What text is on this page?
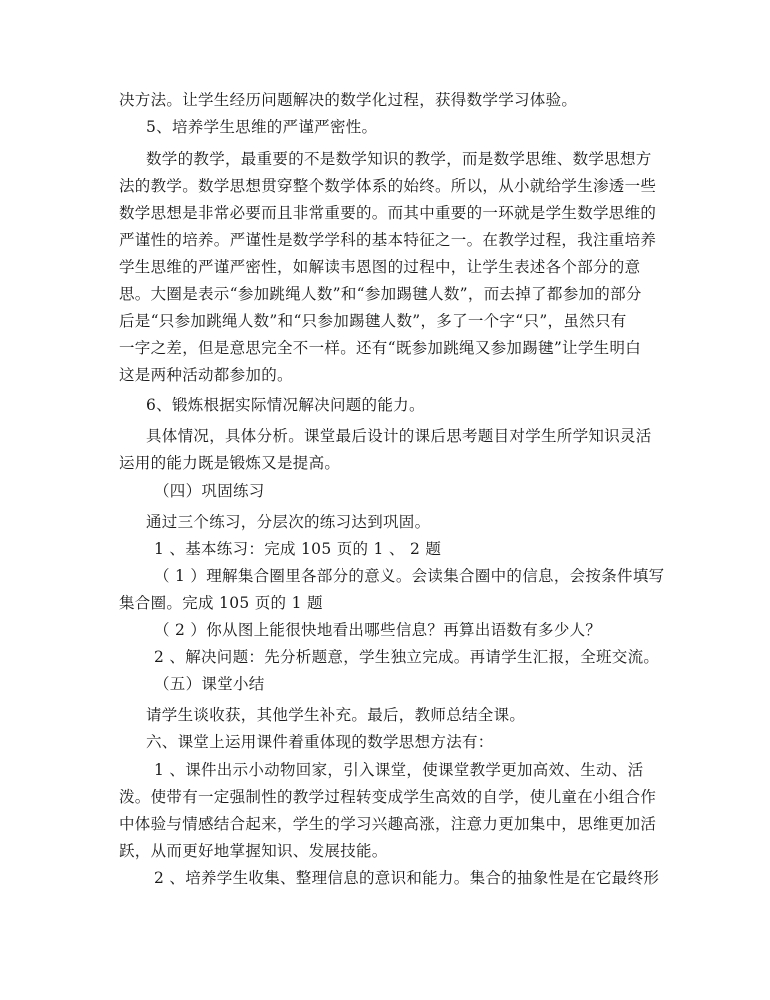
决方法。让学生经历问题解决的数学化过程，获得数学学习体验。
5、培养学生思维的严谨严密性。
数学的教学，最重要的不是数学知识的教学，而是数学思维、数学思想方
法的教学。数学思想贯穿整个数学体系的始终。所以，从小就给学生渗透一些
数学思想是非常必要而且非常重要的。而其中重要的一环就是学生数学思维的
严谨性的培养。严谨性是数学学科的基本特征之一。在教学过程，我注重培养
学生思维的严谨严密性，如解读韦恩图的过程中，让学生表述各个部分的意
思。大圈是表示“参加跳绳人数”和“参加踢毽人数”，而去掉了都参加的部分
后是“只参加跳绳人数”和“只参加踢毽人数”，多了一个字“只”，虽然只有
一字之差，但是意思完全不一样。还有“既参加跳绳又参加踢毽”让学生明白
这是两种活动都参加的。
6、锻炼根据实际情况解决问题的能力。
具体情况，具体分析。课堂最后设计的课后思考题目对学生所学知识灵活
运用的能力既是锻炼又是提高。
（四）巩固练习
通过三个练习，分层次的练习达到巩固。
1 、基本练习：完成 105 页的 1 、 2 题
（ 1 ）理解集合圈里各部分的意义。会读集合圈中的信息，会按条件填写
集合圈。完成 105 页的 1 题
（ 2 ）你从图上能很快地看出哪些信息？再算出语数有多少人？
2 、解决问题：先分析题意，学生独立完成。再请学生汇报，全班交流。
（五）课堂小结
请学生谈收获，其他学生补充。最后，教师总结全课。
六、课堂上运用课件着重体现的数学思想方法有：
1 、课件出示小动物回家，引入课堂，使课堂教学更加高效、生动、活
泼。使带有一定强制性的教学过程转变成学生高效的自学，使儿童在小组合作
中体验与情感结合起来，学生的学习兴趣高涨，注意力更加集中，思维更加活
跃，从而更好地掌握知识、发展技能。
2 、培养学生收集、整理信息的意识和能力。集合的抽象性是在它最终形
